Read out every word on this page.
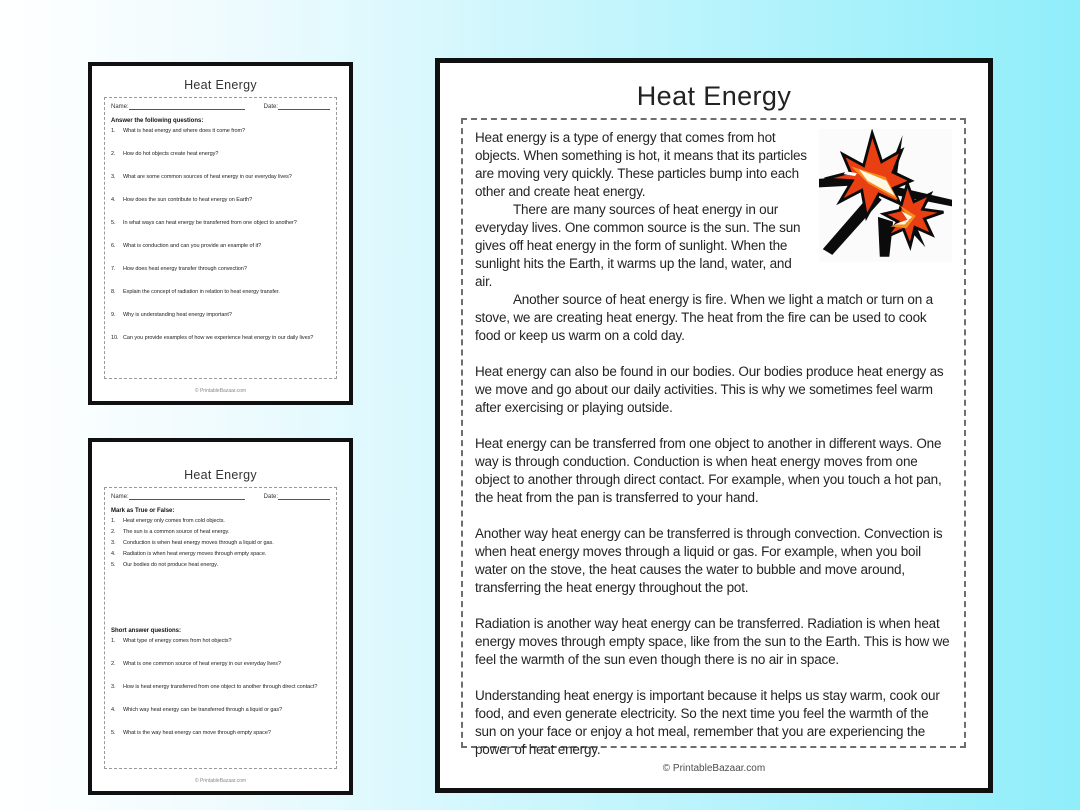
Heat Energy
Name:	Date:
Answer the following questions:
1.	What is heat energy and where does it come from?
2.	How do hot objects create heat energy?
3.	What are some common sources of heat energy in our everyday lives?
4.	How does the sun contribute to heat energy on Earth?
5.	In what ways can heat energy be transferred from one object to another?
6.	What is conduction and can you provide an example of it?
7.	How does heat energy transfer through convection?
8.	Explain the concept of radiation in relation to heat energy transfer.
9.	Why is understanding heat energy important?
10. Can you provide examples of how we experience heat energy in our daily lives?
© PrintableBazaar.com
Heat Energy
Name:	Date:
Mark as True or False:
1.	Heat energy only comes from cold objects.
2.	The sun is a common source of heat energy.
3.	Conduction is when heat energy moves through a liquid or gas.
4.	Radiation is when heat energy moves through empty space.
5.	Our bodies do not produce heat energy.
Short answer questions:
1.	What type of energy comes from hot objects?
2.	What is one common source of heat energy in our everyday lives?
3.	How is heat energy transferred from one object to another through direct contact?
4.	Which way heat energy can be transferred through a liquid or gas?
5.	What is the way heat energy can move through empty space?
© PrintableBazaar.com
Heat Energy

Heat energy is a type of energy that comes from hot objects. When something is hot, it means that its particles are moving very quickly. These particles bump into each other and create heat energy.

There are many sources of heat energy in our everyday lives. One common source is the sun. The sun gives off heat energy in the form of sunlight. When the sunlight hits the Earth, it warms up the land, water, and air.

Another source of heat energy is fire. When we light a match or turn on a stove, we are creating heat energy. The heat from the fire can be used to cook food or keep us warm on a cold day.

Heat energy can also be found in our bodies. Our bodies produce heat energy as we move and go about our daily activities. This is why we sometimes feel warm after exercising or playing outside.

Heat energy can be transferred from one object to another in different ways. One way is through conduction. Conduction is when heat energy moves from one object to another through direct contact. For example, when you touch a hot pan, the heat from the pan is transferred to your hand.

Another way heat energy can be transferred is through convection. Convection is when heat energy moves through a liquid or gas. For example, when you boil water on the stove, the heat causes the water to bubble and move around, transferring the heat energy throughout the pot.

Radiation is another way heat energy can be transferred. Radiation is when heat energy moves through empty space, like from the sun to the Earth. This is how we feel the warmth of the sun even though there is no air in space.

Understanding heat energy is important because it helps us stay warm, cook our food, and even generate electricity. So the next time you feel the warmth of the sun on your face or enjoy a hot meal, remember that you are experiencing the power of heat energy.

© PrintableBazaar.com
